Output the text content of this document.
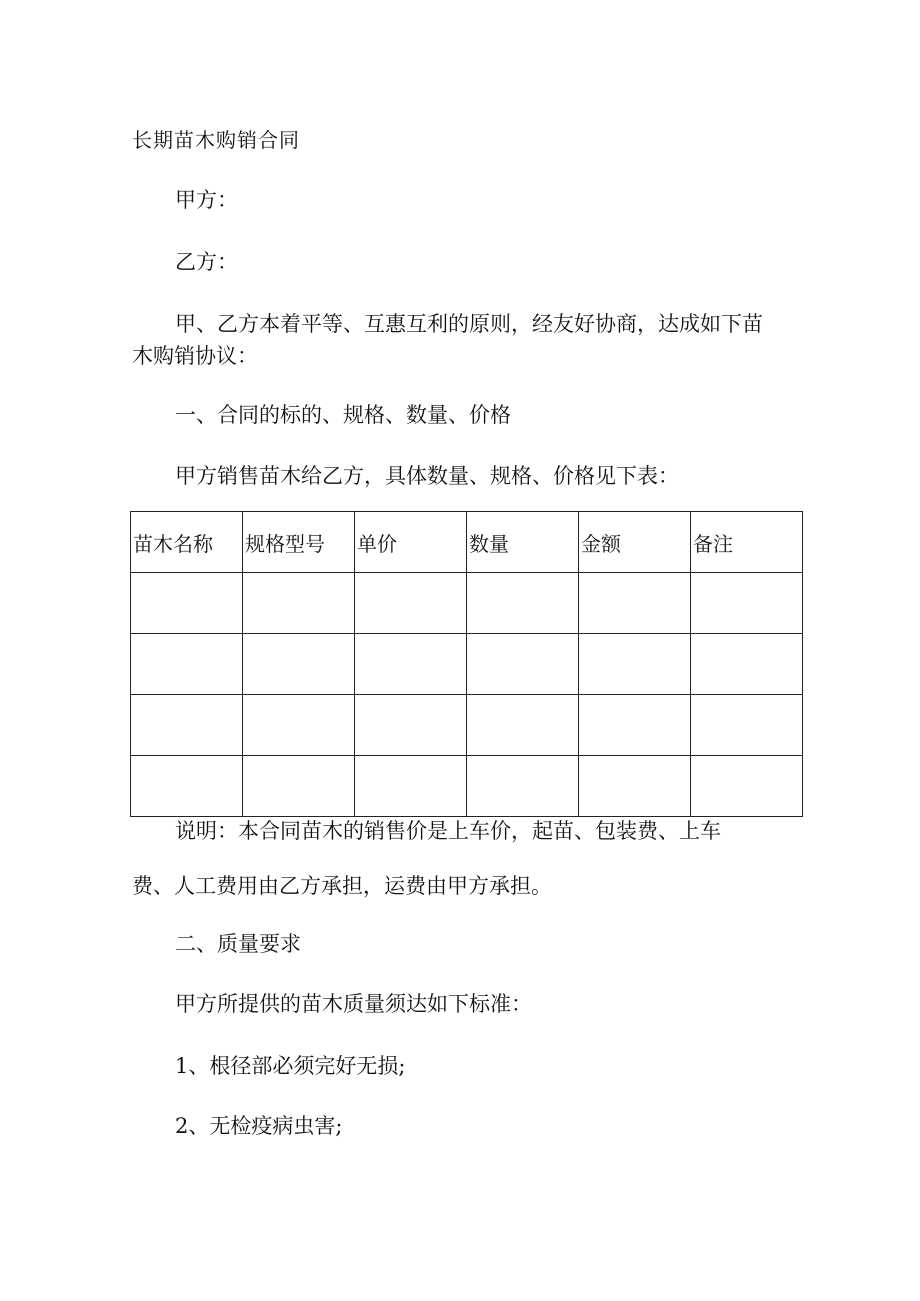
长期苗木购销合同
甲方：
乙方：
甲、乙方本着平等、互惠互利的原则，经友好协商，达成如下苗
木购销协议：
一、合同的标的、规格、数量、价格
甲方销售苗木给乙方，具体数量、规格、价格见下表：
苗木名称	规格型号	单价	数量	金额	备注

说明：本合同苗木的销售价是上车价，起苗、包装费、上车
费、人工费用由乙方承担，运费由甲方承担。
二、质量要求
甲方所提供的苗木质量须达如下标准：
1、根径部必须完好无损;
2、无检疫病虫害;
